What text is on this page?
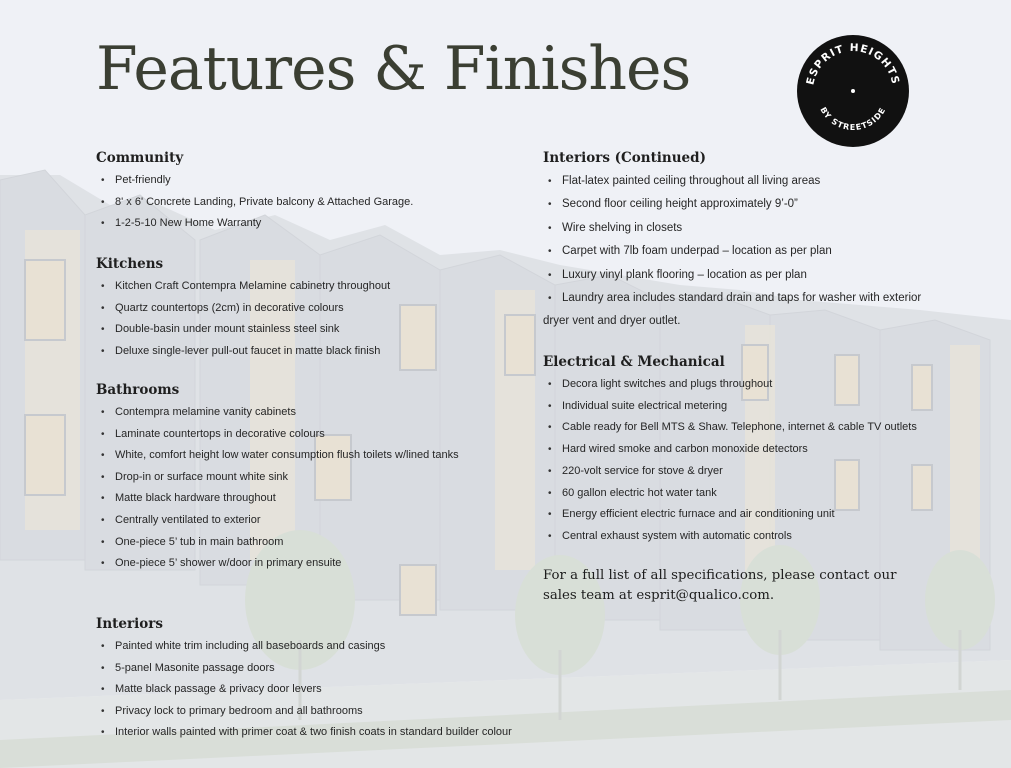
Features & Finishes	ESPRIT HEIGHTS
BY STREETSIDE
Community
• Pet-friendly
• 8' x 6' Concrete Landing, Private balcony & Attached Garage.
• 1-2-5-10 New Home Warranty
Kitchens
• Kitchen Craft Contempra Melamine cabinetry throughout
• Quartz countertops (2cm) in decorative colours
• Double-basin under mount stainless steel sink
• Deluxe single-lever pull-out faucet in matte black finish
Bathrooms
• Contempra melamine vanity cabinets
• Laminate countertops in decorative colours
• White, comfort height low water consumption flush toilets w/lined tanks
• Drop-in or surface mount white sink
• Matte black hardware throughout
• Centrally ventilated to exterior
• One-piece 5’ tub in main bathroom
• One-piece 5’ shower w/door in primary ensuite
Interiors
• Painted white trim including all baseboards and casings
• 5-panel Masonite passage doors
• Matte black passage & privacy door levers
• Privacy lock to primary bedroom and all bathrooms
• Interior walls painted with primer coat & two finish coats in standard builder colour
Interiors (Continued)
• Flat-latex painted ceiling throughout all living areas
• Second floor ceiling height approximately 9’-0”
• Wire shelving in closets
• Carpet with 7lb foam underpad – location as per plan
• Luxury vinyl plank flooring – location as per plan
• Laundry area includes standard drain and taps for washer with exterior dryer vent and dryer outlet.
Electrical & Mechanical
• Decora light switches and plugs throughout
• Individual suite electrical metering
• Cable ready for Bell MTS & Shaw. Telephone, internet & cable TV outlets
• Hard wired smoke and carbon monoxide detectors
• 220-volt service for stove & dryer
• 60 gallon electric hot water tank
• Energy efficient electric furnace and air conditioning unit
• Central exhaust system with automatic controls

For a full list of all specifications, please contact our sales team at esprit@qualico.com.
